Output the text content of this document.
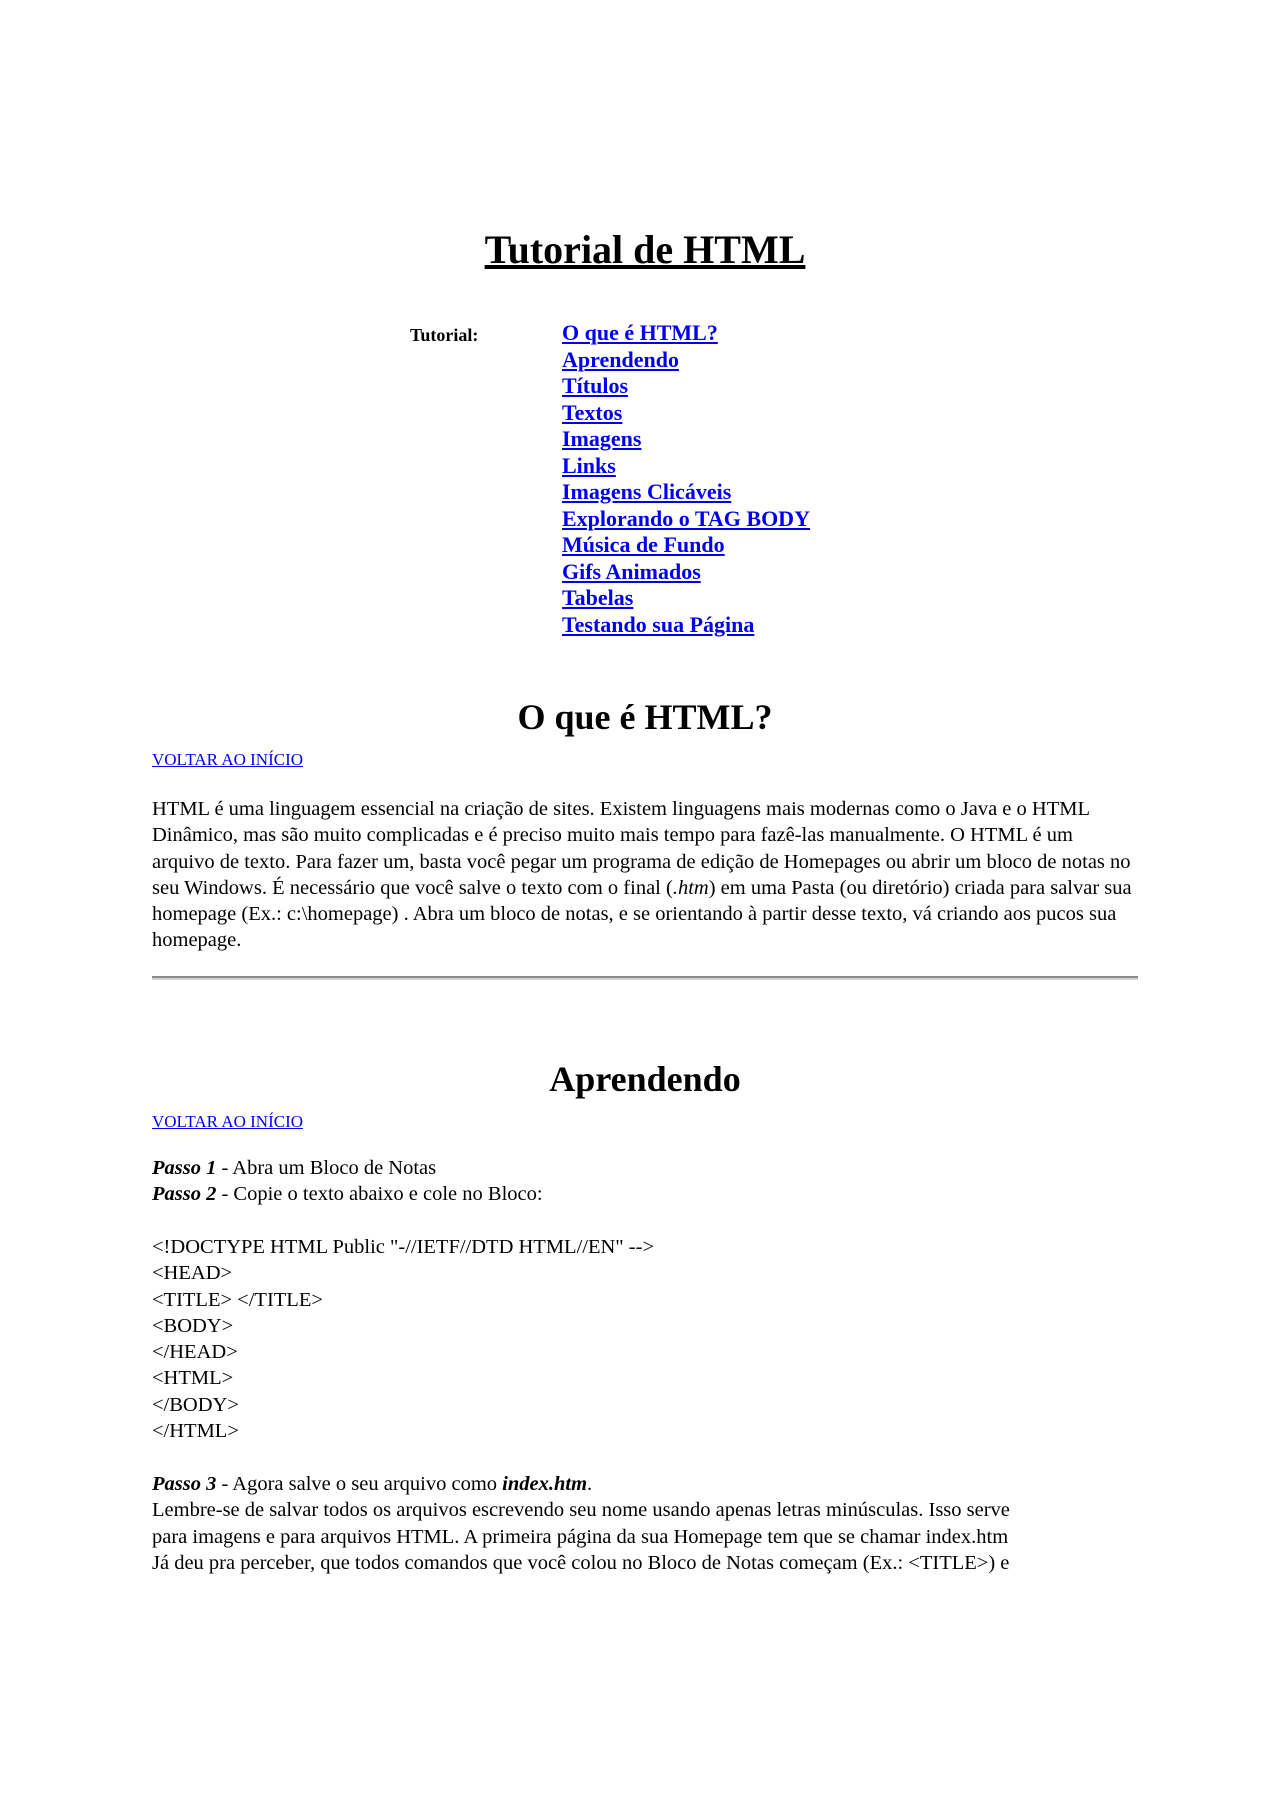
Tutorial de HTML
Tutorial:	O que é HTML?
Aprendendo
Títulos
Textos
Imagens
Links
Imagens Clicáveis
Explorando o TAG BODY
Música de Fundo
Gifs Animados
Tabelas
Testando sua Página
O que é HTML?
VOLTAR AO INÍCIO

HTML é uma linguagem essencial na criação de sites. Existem linguagens mais modernas como o Java e o HTML Dinâmico, mas são muito complicadas e é preciso muito mais tempo para fazê-las manualmente. O HTML é um arquivo de texto. Para fazer um, basta você pegar um programa de edição de Homepages ou abrir um bloco de notas no seu Windows. É necessário que você salve o texto com o final (.htm) em uma Pasta (ou diretório) criada para salvar sua homepage (Ex.: c:\homepage) . Abra um bloco de notas, e se orientando à partir desse texto, vá criando aos pucos sua homepage.

Aprendendo
VOLTAR AO INÍCIO
Passo 1 - Abra um Bloco de Notas
Passo 2 - Copie o texto abaixo e cole no Bloco:
<!DOCTYPE HTML Public "-//IETF//DTD HTML//EN" -->
<HEAD>
<TITLE> </TITLE>
<BODY>
</HEAD>
<HTML>
</BODY>
</HTML>
Passo 3 - Agora salve o seu arquivo como index.htm.
Lembre-se de salvar todos os arquivos escrevendo seu nome usando apenas letras minúsculas. Isso serve
para imagens e para arquivos HTML. A primeira página da sua Homepage tem que se chamar index.htm
Já deu pra perceber, que todos comandos que você colou no Bloco de Notas começam (Ex.: <TITLE>) e
